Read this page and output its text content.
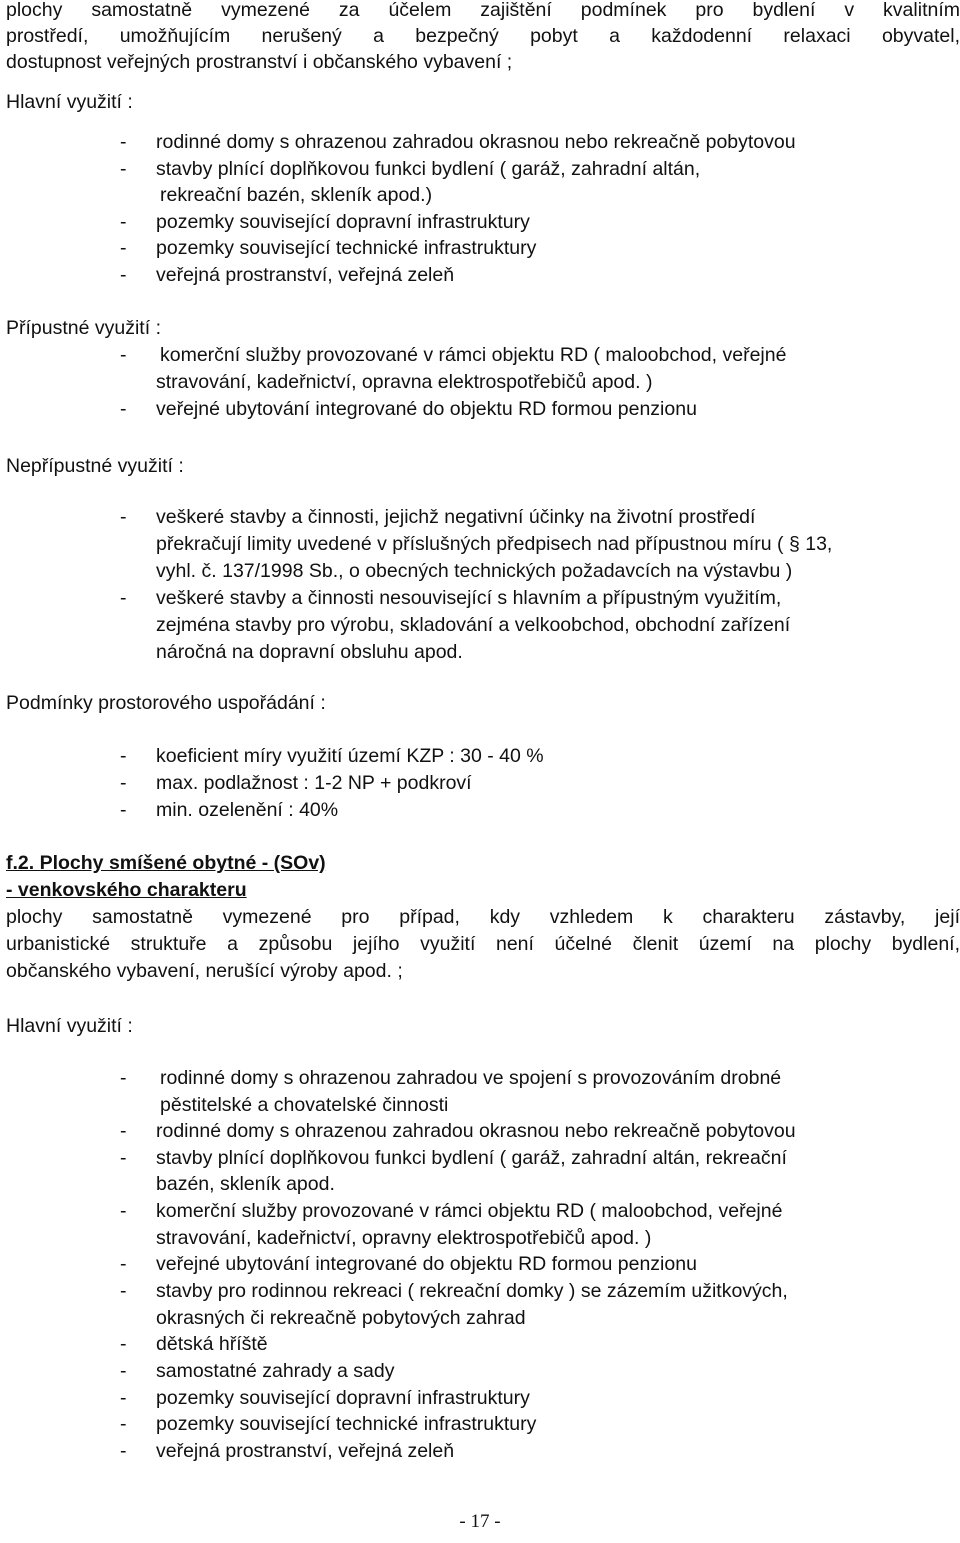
plochy samostatně vymezené za účelem zajištění podmínek pro bydlení v kvalitním
prostředí, umožňujícím nerušený a bezpečný pobyt a každodenní relaxaci obyvatel,
dostupnost veřejných prostranství i občanského vybavení ;
Hlavní využití :
- rodinné domy s ohrazenou zahradou okrasnou nebo rekreačně pobytovou
- stavby plnící doplňkovou funkci bydlení ( garáž, zahradní altán,
rekreační bazén, skleník apod.)
- pozemky související dopravní infrastruktury
- pozemky související technické infrastruktury
- veřejná prostranství, veřejná zeleň
Přípustné využití :
- komerční služby provozované v rámci objektu RD ( maloobchod, veřejné
stravování, kadeřnictví, opravna elektrospotřebičů apod. )
- veřejné ubytování integrované do objektu RD formou penzionu
Nepřípustné využití :
- veškeré stavby a činnosti, jejichž negativní účinky na životní prostředí
překračují limity uvedené v příslušných předpisech nad přípustnou míru ( § 13,
vyhl. č. 137/1998 Sb., o obecných technických požadavcích na výstavbu )
- veškeré stavby a činnosti nesouvisející s hlavním a přípustným využitím,
zejména stavby pro výrobu, skladování a velkoobchod, obchodní zařízení
náročná na dopravní obsluhu apod.
Podmínky prostorového uspořádání :
- koeficient míry využití území KZP : 30 - 40 %
- max. podlažnost : 1-2 NP + podkroví
- min. ozelenění : 40%
f.2. Plochy smíšené obytné - (SOv)
- venkovského charakteru
plochy samostatně vymezené pro případ, kdy vzhledem k charakteru zástavby, její
urbanistické struktuře a způsobu jejího využití není účelné členit území na plochy bydlení,
občanského vybavení, nerušící výroby apod. ;
Hlavní využití :
- rodinné domy s ohrazenou zahradou ve spojení s provozováním drobné
pěstitelské a chovatelské činnosti
- rodinné domy s ohrazenou zahradou okrasnou nebo rekreačně pobytovou
- stavby plnící doplňkovou funkci bydlení ( garáž, zahradní altán, rekreační
bazén, skleník apod.
- komerční služby provozované v rámci objektu RD ( maloobchod, veřejné
stravování, kadeřnictví, opravny elektrospotřebičů apod. )
- veřejné ubytování integrované do objektu RD formou penzionu
- stavby pro rodinnou rekreaci ( rekreační domky ) se zázemím užitkových,
okrasných či rekreačně pobytových zahrad
- dětská hříště
- samostatné zahrady a sady
- pozemky související dopravní infrastruktury
- pozemky související technické infrastruktury
- veřejná prostranství, veřejná zeleň
- 17 -
